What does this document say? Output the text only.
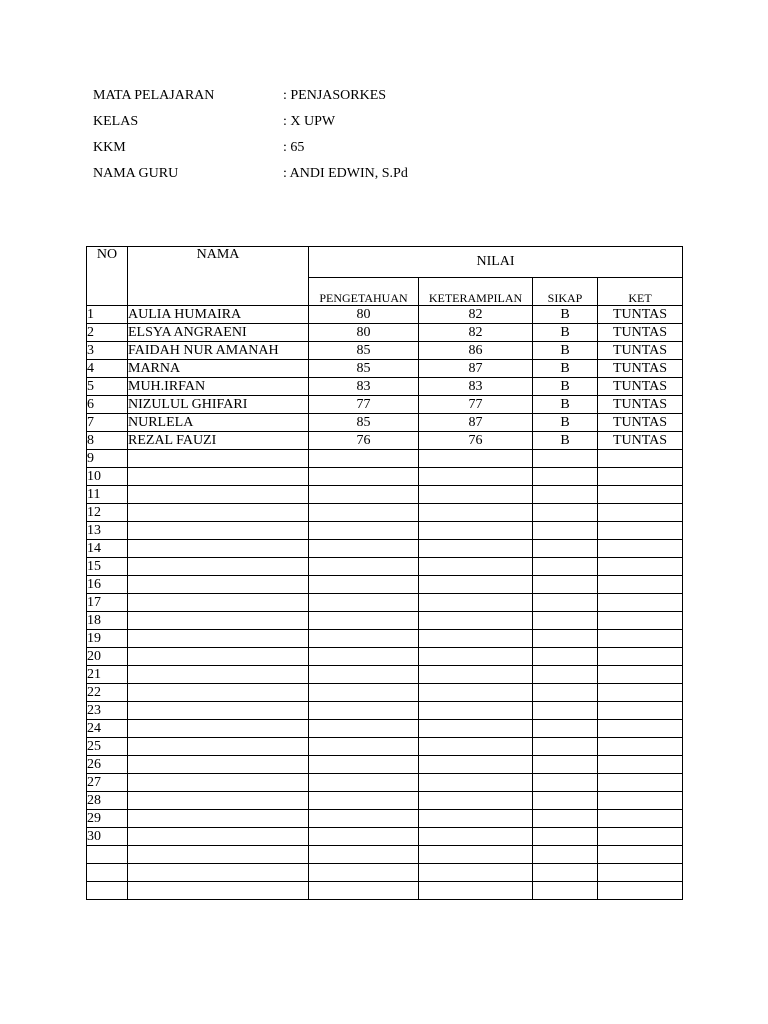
MATA PELAJARAN	: PENJASORKES
KELAS	: X UPW
KKM	: 65
NAMA GURU	: ANDI EDWIN, S.Pd
NO	NAMA	NILAI			
		PENGETAHUAN	KETERAMPILAN	SIKAP	KET
1	AULIA HUMAIRA	80	82	B	TUNTAS
2	ELSYA ANGRAENI	80	82	B	TUNTAS
3	FAIDAH NUR AMANAH	85	86	B	TUNTAS
4	MARNA	85	87	B	TUNTAS
5	MUH.IRFAN	83	83	B	TUNTAS
6	NIZULUL GHIFARI	77	77	B	TUNTAS
7	NURLELA	85	87	B	TUNTAS
8	REZAL FAUZI	76	76	B	TUNTAS
9					
10					
11					
12					
13					
14					
15					
16					
17					
18					
19					
20					
21					
22					
23					
24					
25					
26					
27					
28					
29					
30					
